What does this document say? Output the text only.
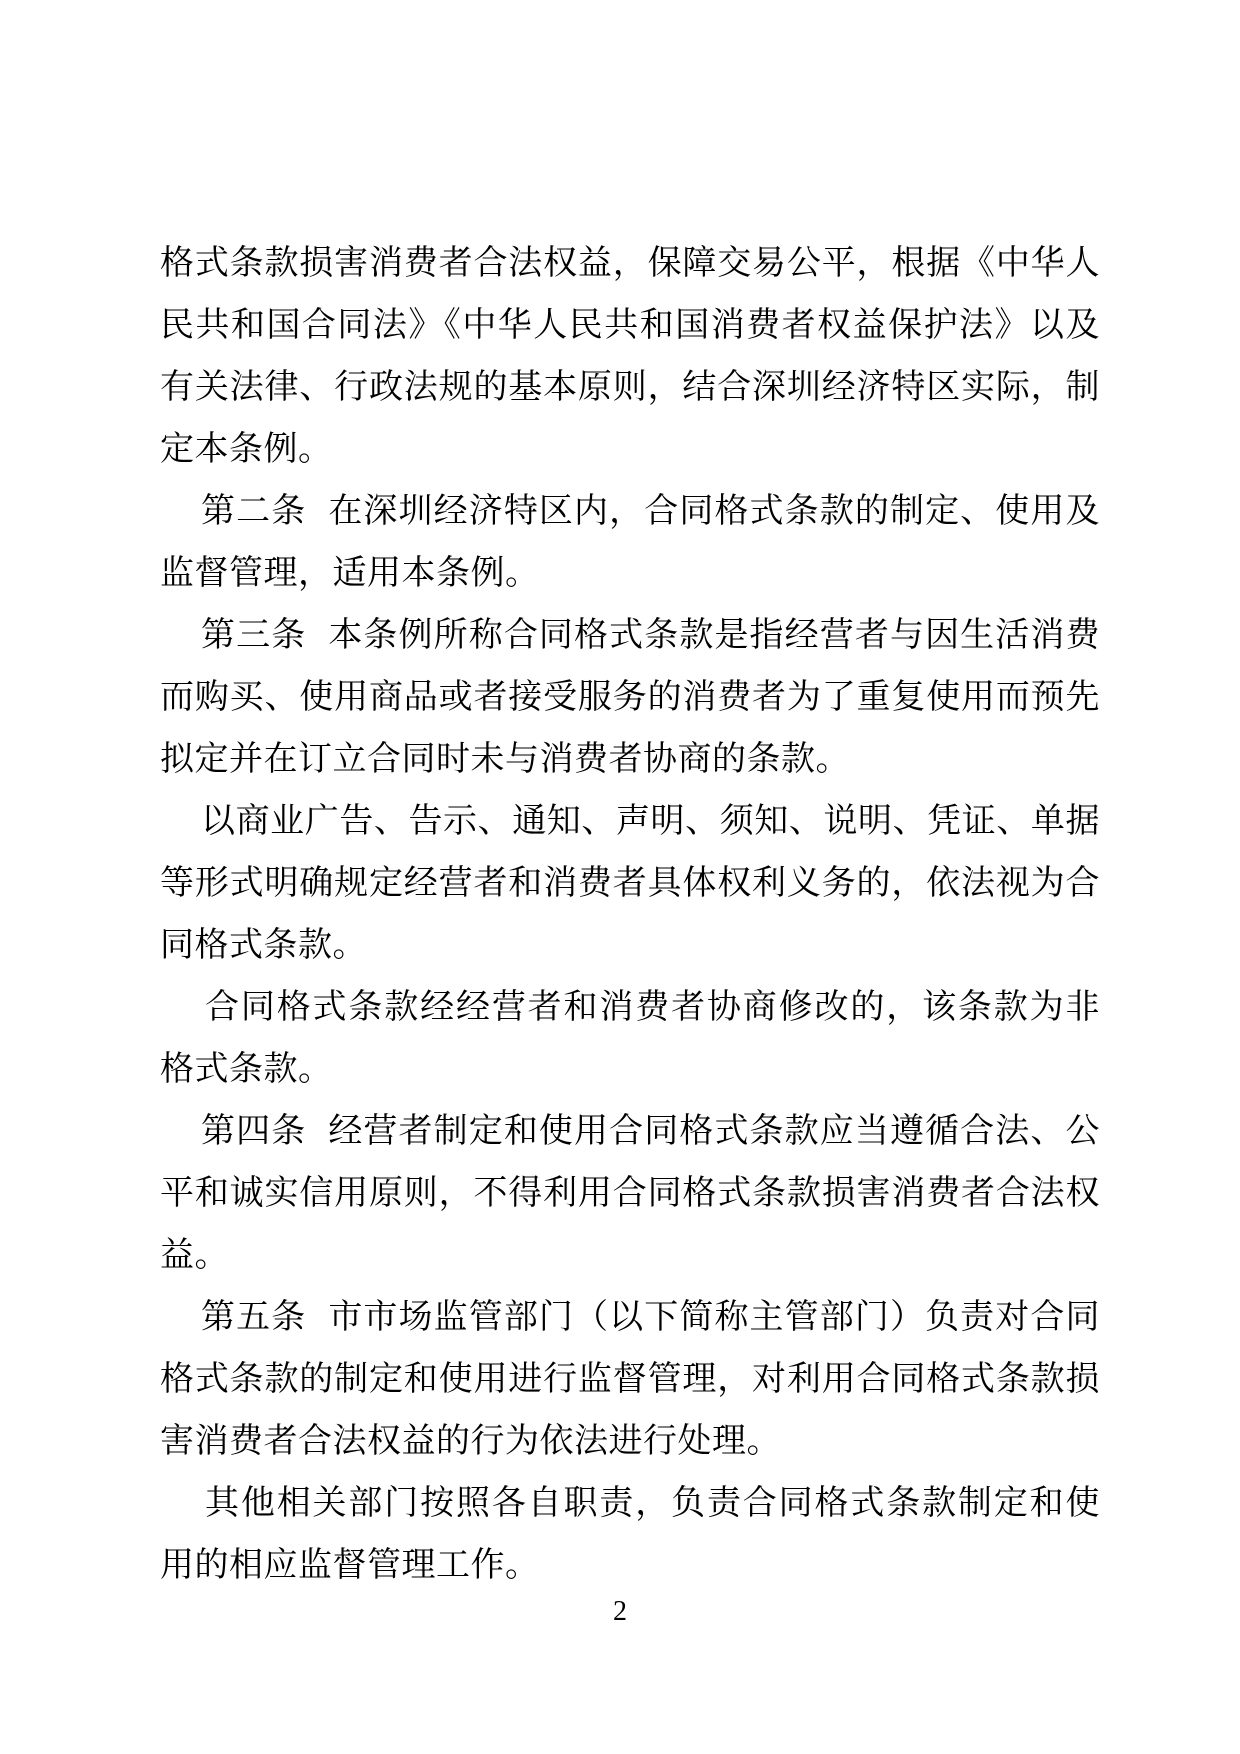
格式条款损害消费者合法权益，保障交易公平，根据《中华人民共和国合同法》《中华人民共和国消费者权益保护法》以及有关法律、行政法规的基本原则，结合深圳经济特区实际，制定本条例。

第二条 在深圳经济特区内，合同格式条款的制定、使用及监督管理，适用本条例。

第三条 本条例所称合同格式条款是指经营者与因生活消费而购买、使用商品或者接受服务的消费者为了重复使用而预先拟定并在订立合同时未与消费者协商的条款。

以商业广告、告示、通知、声明、须知、说明、凭证、单据等形式明确规定经营者和消费者具体权利义务的，依法视为合同格式条款。

合同格式条款经经营者和消费者协商修改的，该条款为非格式条款。

第四条 经营者制定和使用合同格式条款应当遵循合法、公平和诚实信用原则，不得利用合同格式条款损害消费者合法权益。

第五条 市市场监管部门（以下简称主管部门）负责对合同格式条款的制定和使用进行监督管理，对利用合同格式条款损害消费者合法权益的行为依法进行处理。

其他相关部门按照各自职责，负责合同格式条款制定和使用的相应监督管理工作。

2
